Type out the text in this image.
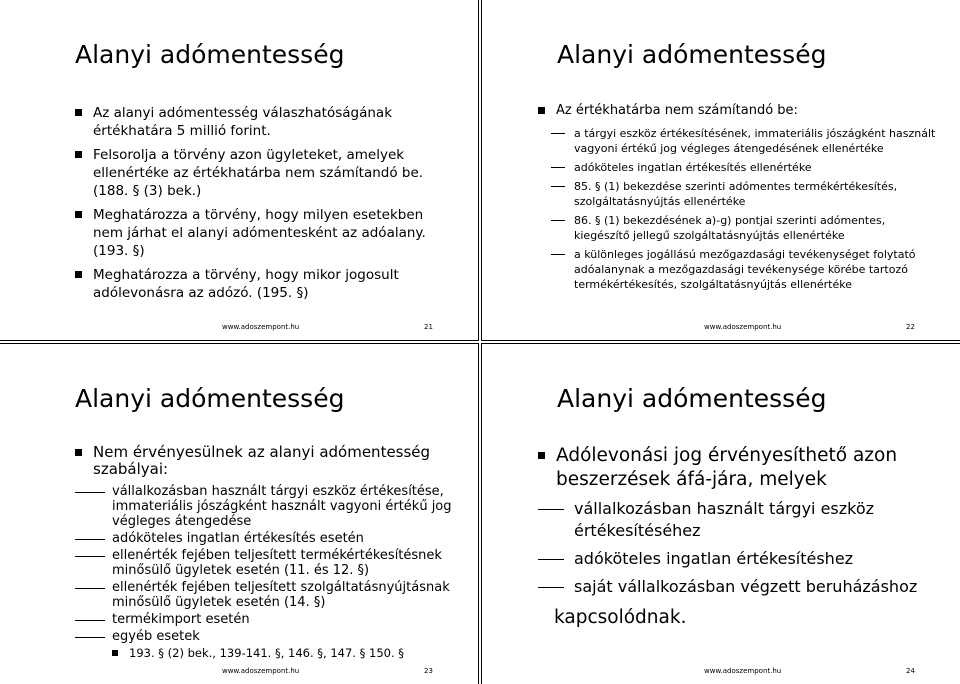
Alanyi adómentesség
Az alanyi adómentesség válaszhatóságának értékhatára 5 millió forint.
Felsorolja a törvény azon ügyleteket, amelyek ellenértéke az értékhatárba nem számítandó be. (188. § (3) bek.)
Meghatározza a törvény, hogy milyen esetekben nem járhat el alanyi adómentesként az adóalany. (193. §)
Meghatározza a törvény, hogy mikor jogosult adólevonásra az adózó. (195. §)
www.adoszempont.hu	21
Alanyi adómentesség
Az értékhatárba nem számítandó be:
a tárgyi eszköz értékesítésének, immateriális jószágként használt vagyoni értékű jog végleges átengedésének ellenértéke
adóköteles ingatlan értékesítés ellenértéke
85. § (1) bekezdése szerinti adómentes termékértékesítés, szolgáltatásnyújtás ellenértéke
86. § (1) bekezdésének a)-g) pontjai szerinti adómentes, kiegészítő jellegű szolgáltatásnyújtás ellenértéke
a különleges jogállású mezőgazdasági tevékenységet folytató adóalanynak a mezőgazdasági tevékenysége körébe tartozó termékértékesítés, szolgáltatásnyújtás ellenértéke
www.adoszempont.hu	22
Alanyi adómentesség
Nem érvényesülnek az alanyi adómentesség szabályai:
vállalkozásban használt tárgyi eszköz értékesítése, immateriális jószágként használt vagyoni értékű jog végleges átengedése
adóköteles ingatlan értékesítés esetén
ellenérték fejében teljesített termékértékesítésnek minősülő ügyletek esetén (11. és 12. §)
ellenérték fejében teljesített szolgáltatásnyújtásnak minősülő ügyletek esetén (14. §)
termékimport esetén
egyéb esetek
193. § (2) bek., 139-141. §, 146. §, 147. § 150. §
www.adoszempont.hu	23
Alanyi adómentesség
Adólevonási jog érvényesíthető azon beszerzések áfá-jára, melyek
vállalkozásban használt tárgyi eszköz értékesítéséhez
adóköteles ingatlan értékesítéshez
saját vállalkozásban végzett beruházáshoz
kapcsolódnak.
www.adoszempont.hu	24
